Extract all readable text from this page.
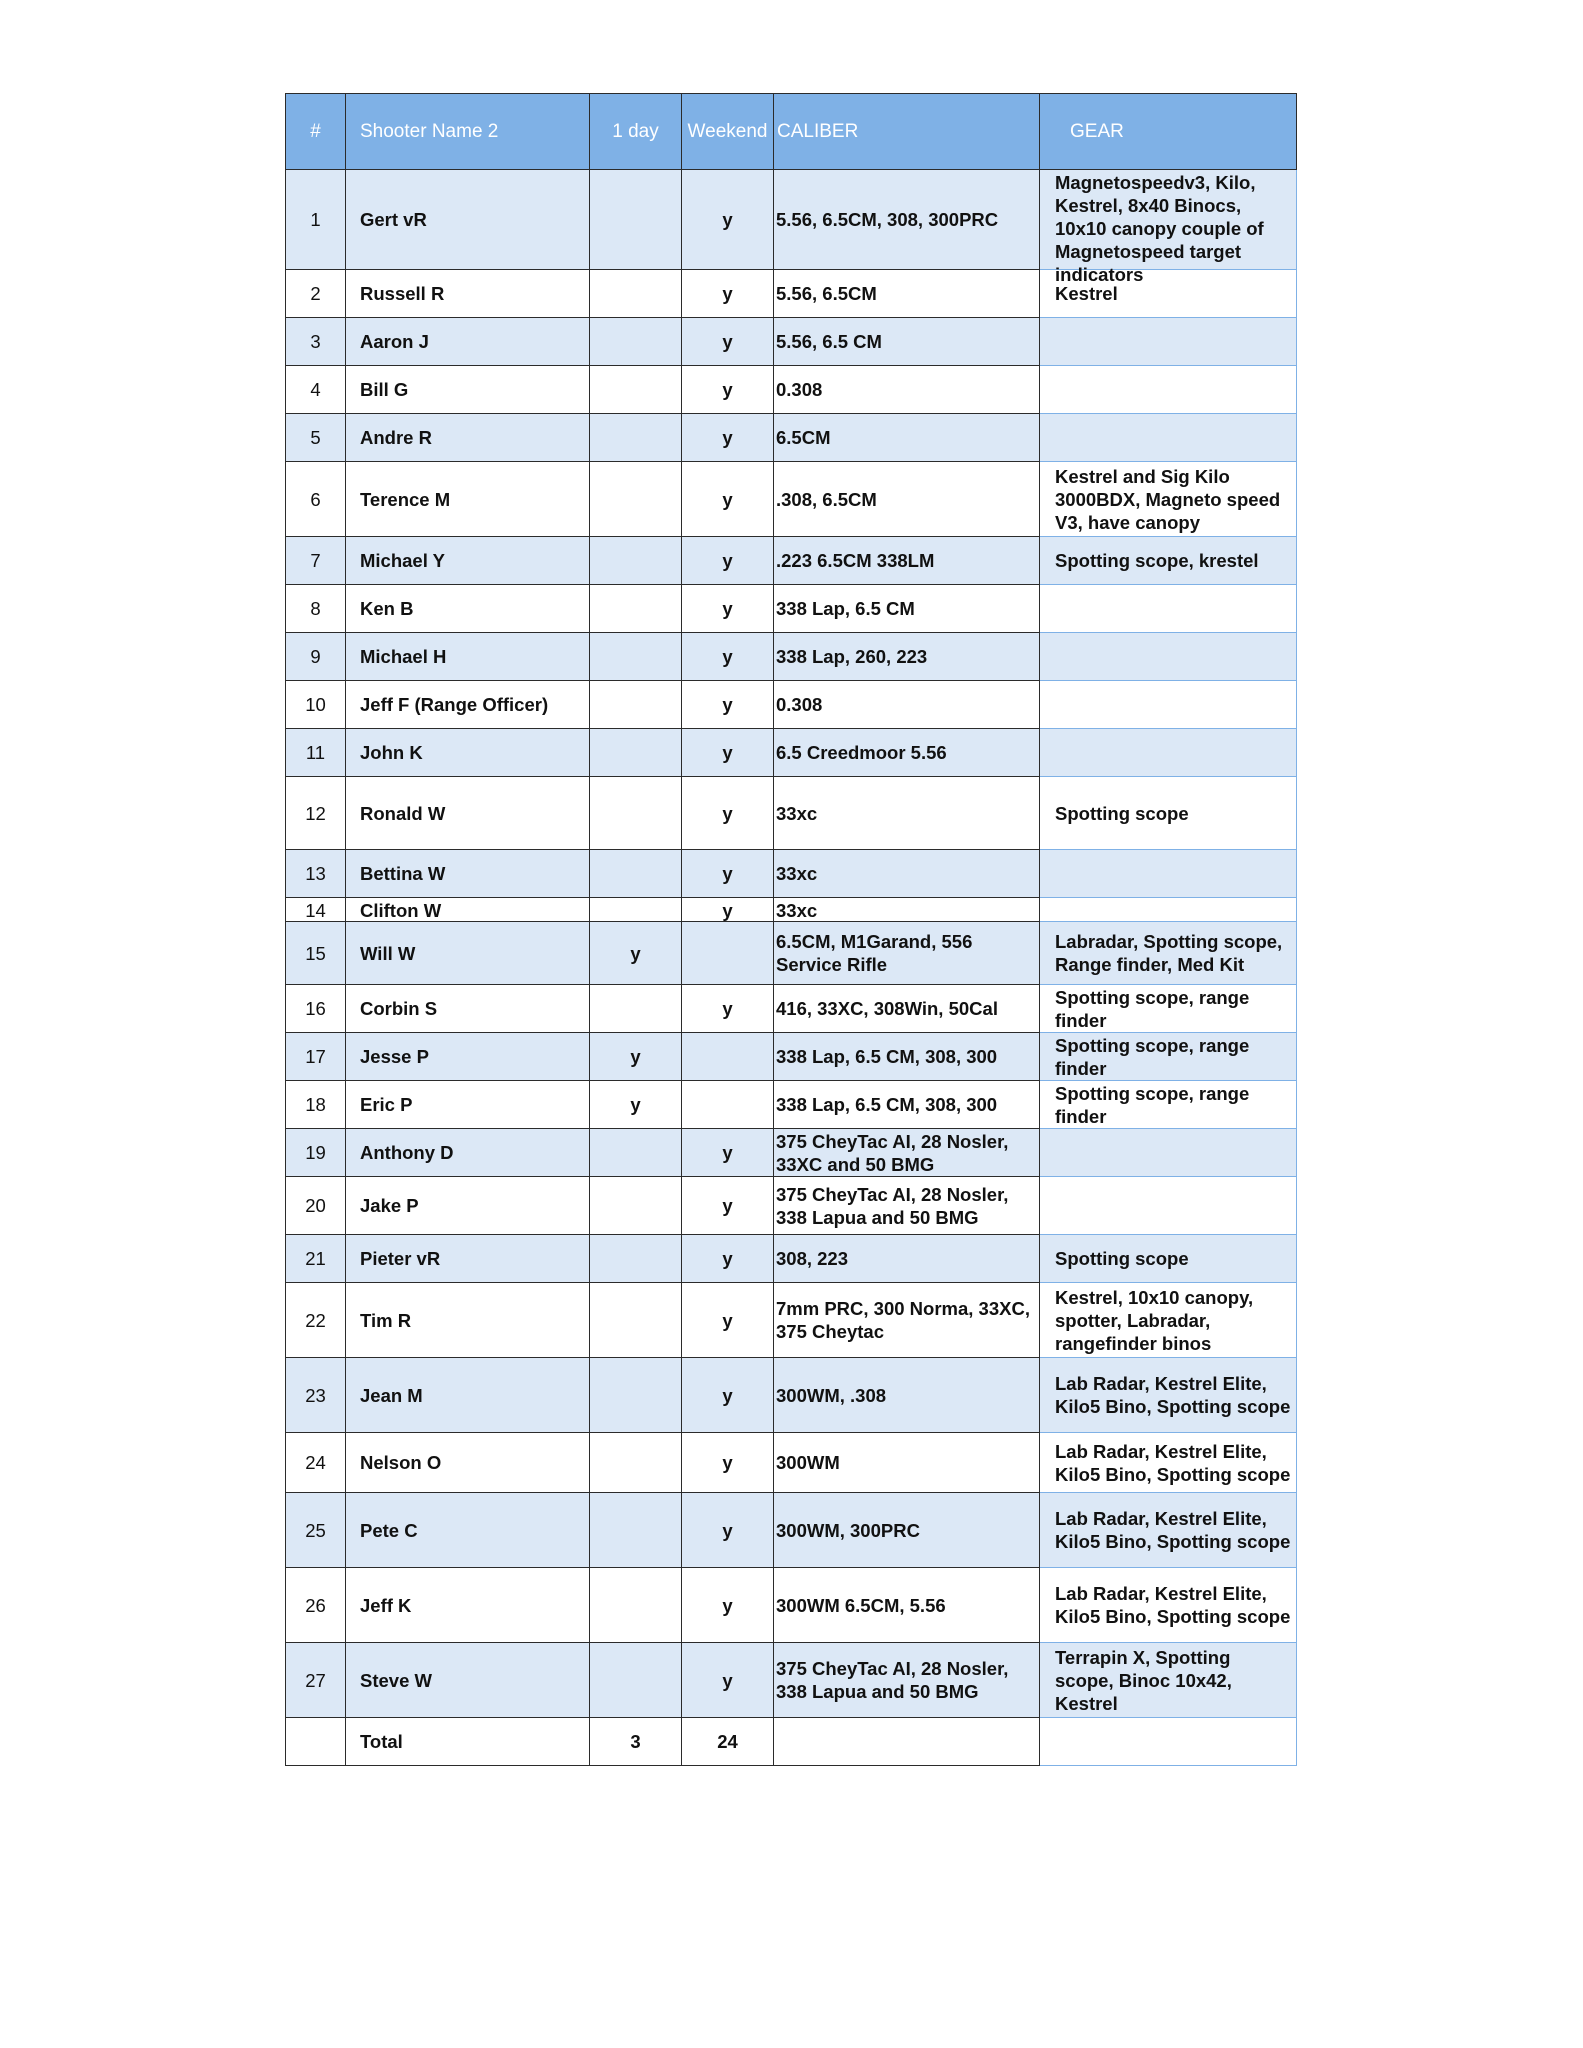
#	Shooter Name 2	1 day	Weekend	CALIBER	GEAR

1	Gert vR		y	5.56, 6.5CM, 308, 300PRC	Magnetospeedv3, Kilo, Kestrel, 8x40 Binocs, 10x10 canopy couple of Magnetospeed target indicators

2	Russell R		y	5.56, 6.5CM	Kestrel

3	Aaron J		y	5.56, 6.5 CM	

4	Bill G		y	0.308	

5	Andre R		y	6.5CM	

6	Terence M		y	.308, 6.5CM	Kestrel and Sig Kilo 3000BDX, Magneto speed V3, have canopy

7	Michael Y		y	.223 6.5CM 338LM	Spotting scope, krestel

8	Ken B		y	338 Lap, 6.5 CM	

9	Michael H		y	338 Lap, 260, 223	

10	Jeff F (Range Officer)		y	0.308	

11	John K		y	6.5 Creedmoor 5.56	

12	Ronald W		y	33xc	Spotting scope

13	Bettina W		y	33xc	

14	Clifton W		y	33xc	

15	Will W	y		6.5CM, M1Garand, 556 Service Rifle	Labradar, Spotting scope, Range finder, Med Kit

16	Corbin S		y	416, 33XC, 308Win, 50Cal	Spotting scope, range finder

17	Jesse P	y		338 Lap, 6.5 CM, 308, 300	Spotting scope, range finder

18	Eric P	y		338 Lap, 6.5 CM, 308, 300	Spotting scope, range finder

19	Anthony D		y	375 CheyTac AI, 28 Nosler, 33XC and 50 BMG	

20	Jake P		y	375 CheyTac AI, 28 Nosler, 338 Lapua and 50 BMG	

21	Pieter vR		y	308, 223	Spotting scope

22	Tim R		y	7mm PRC, 300 Norma, 33XC, 375 Cheytac	Kestrel, 10x10 canopy, spotter, Labradar, rangefinder binos

23	Jean M		y	300WM, .308	Lab Radar, Kestrel Elite, Kilo5 Bino, Spotting scope

24	Nelson O		y	300WM	Lab Radar, Kestrel Elite, Kilo5 Bino, Spotting scope

25	Pete C		y	300WM, 300PRC	Lab Radar, Kestrel Elite, Kilo5 Bino, Spotting scope

26	Jeff K		y	300WM 6.5CM, 5.56	Lab Radar, Kestrel Elite, Kilo5 Bino, Spotting scope

27	Steve W		y	375 CheyTac AI, 28 Nosler, 338 Lapua and 50 BMG	Terrapin X, Spotting scope, Binoc 10x42, Kestrel

	Total	3	24		
